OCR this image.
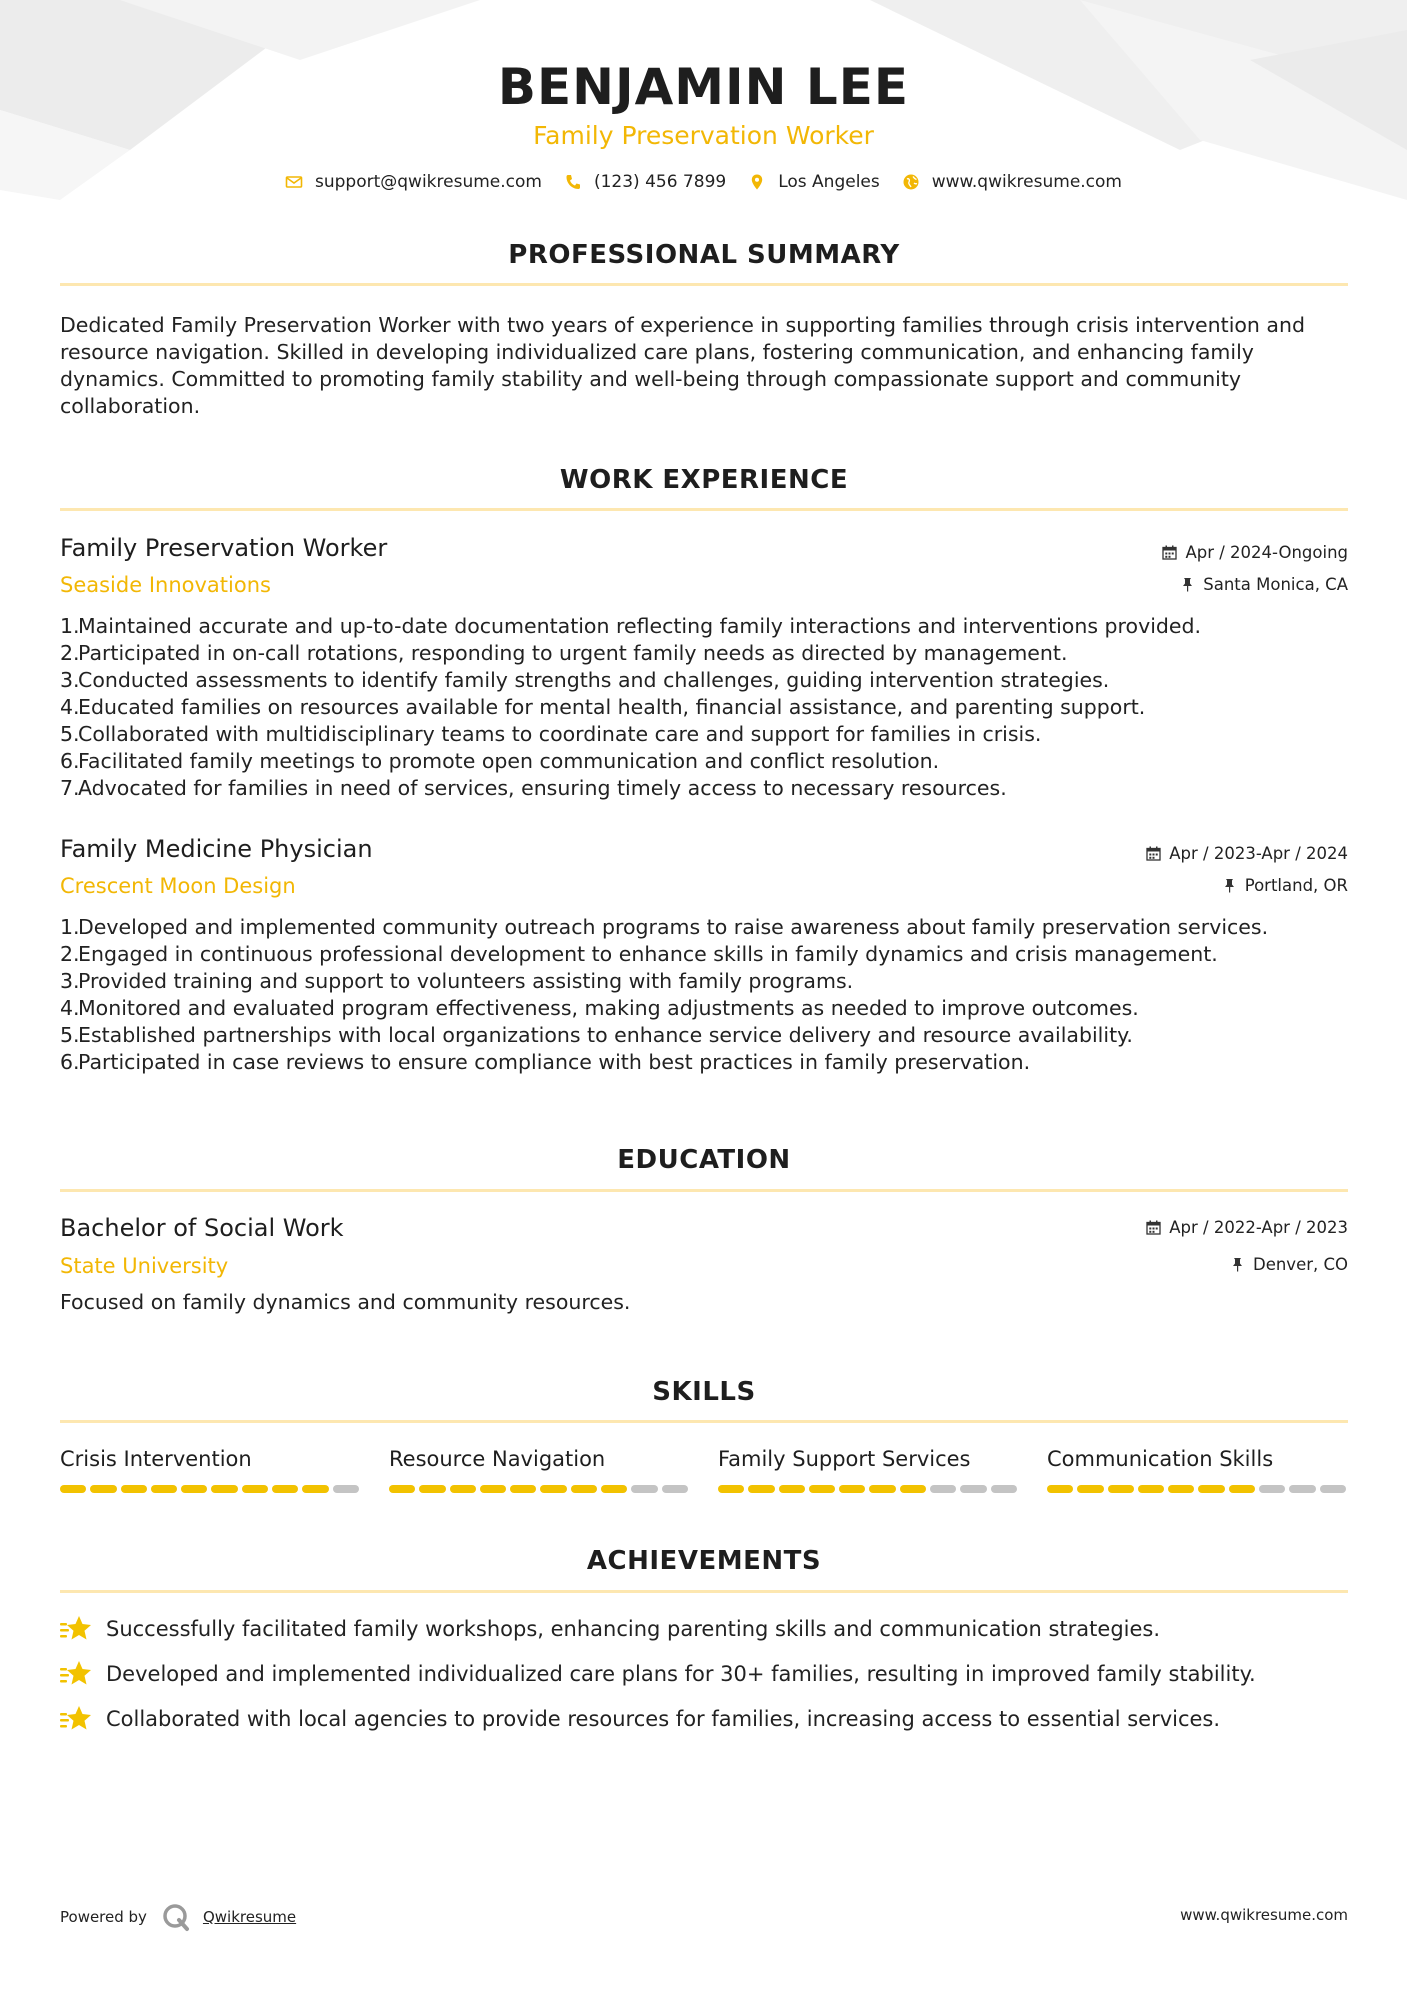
BENJAMIN LEE
Family Preservation Worker
support@qwikresume.com	(123) 456 7899	Los Angeles	www.qwikresume.com
PROFESSIONAL SUMMARY
Dedicated Family Preservation Worker with two years of experience in supporting families through crisis intervention and
resource navigation. Skilled in developing individualized care plans, fostering communication, and enhancing family
dynamics. Committed to promoting family stability and well-being through compassionate support and community
collaboration.
WORK EXPERIENCE
Family Preservation Worker
Seaside Innovations
Apr / 2024-Ongoing
Santa Monica, CA
1.
Maintained accurate and up-to-date documentation reflecting family interactions and interventions provided.
2.
Participated in on-call rotations, responding to urgent family needs as directed by management.
3.
Conducted assessments to identify family strengths and challenges, guiding intervention strategies.
4.
Educated families on resources available for mental health, financial assistance, and parenting support.
5.
Collaborated with multidisciplinary teams to coordinate care and support for families in crisis.
6.
Facilitated family meetings to promote open communication and conflict resolution.
7.
Advocated for families in need of services, ensuring timely access to necessary resources.
Family Medicine Physician
Crescent Moon Design
Apr / 2023-Apr / 2024
Portland, OR
1.
Developed and implemented community outreach programs to raise awareness about family preservation services.
2.
Engaged in continuous professional development to enhance skills in family dynamics and crisis management.
3.
Provided training and support to volunteers assisting with family programs.
4.
Monitored and evaluated program effectiveness, making adjustments as needed to improve outcomes.
5.
Established partnerships with local organizations to enhance service delivery and resource availability.
6.
Participated in case reviews to ensure compliance with best practices in family preservation.
EDUCATION
Bachelor of Social Work
State University
Apr / 2022-Apr / 2023
Denver, CO
Focused on family dynamics and community resources.
SKILLS
Crisis Intervention	Resource Navigation	Family Support Services	Communication Skills
ACHIEVEMENTS
Successfully facilitated family workshops, enhancing parenting skills and communication strategies.
Developed and implemented individualized care plans for 30+ families, resulting in improved family stability.
Collaborated with local agencies to provide resources for families, increasing access to essential services.
Powered by	Qwikresume	www.qwikresume.com
